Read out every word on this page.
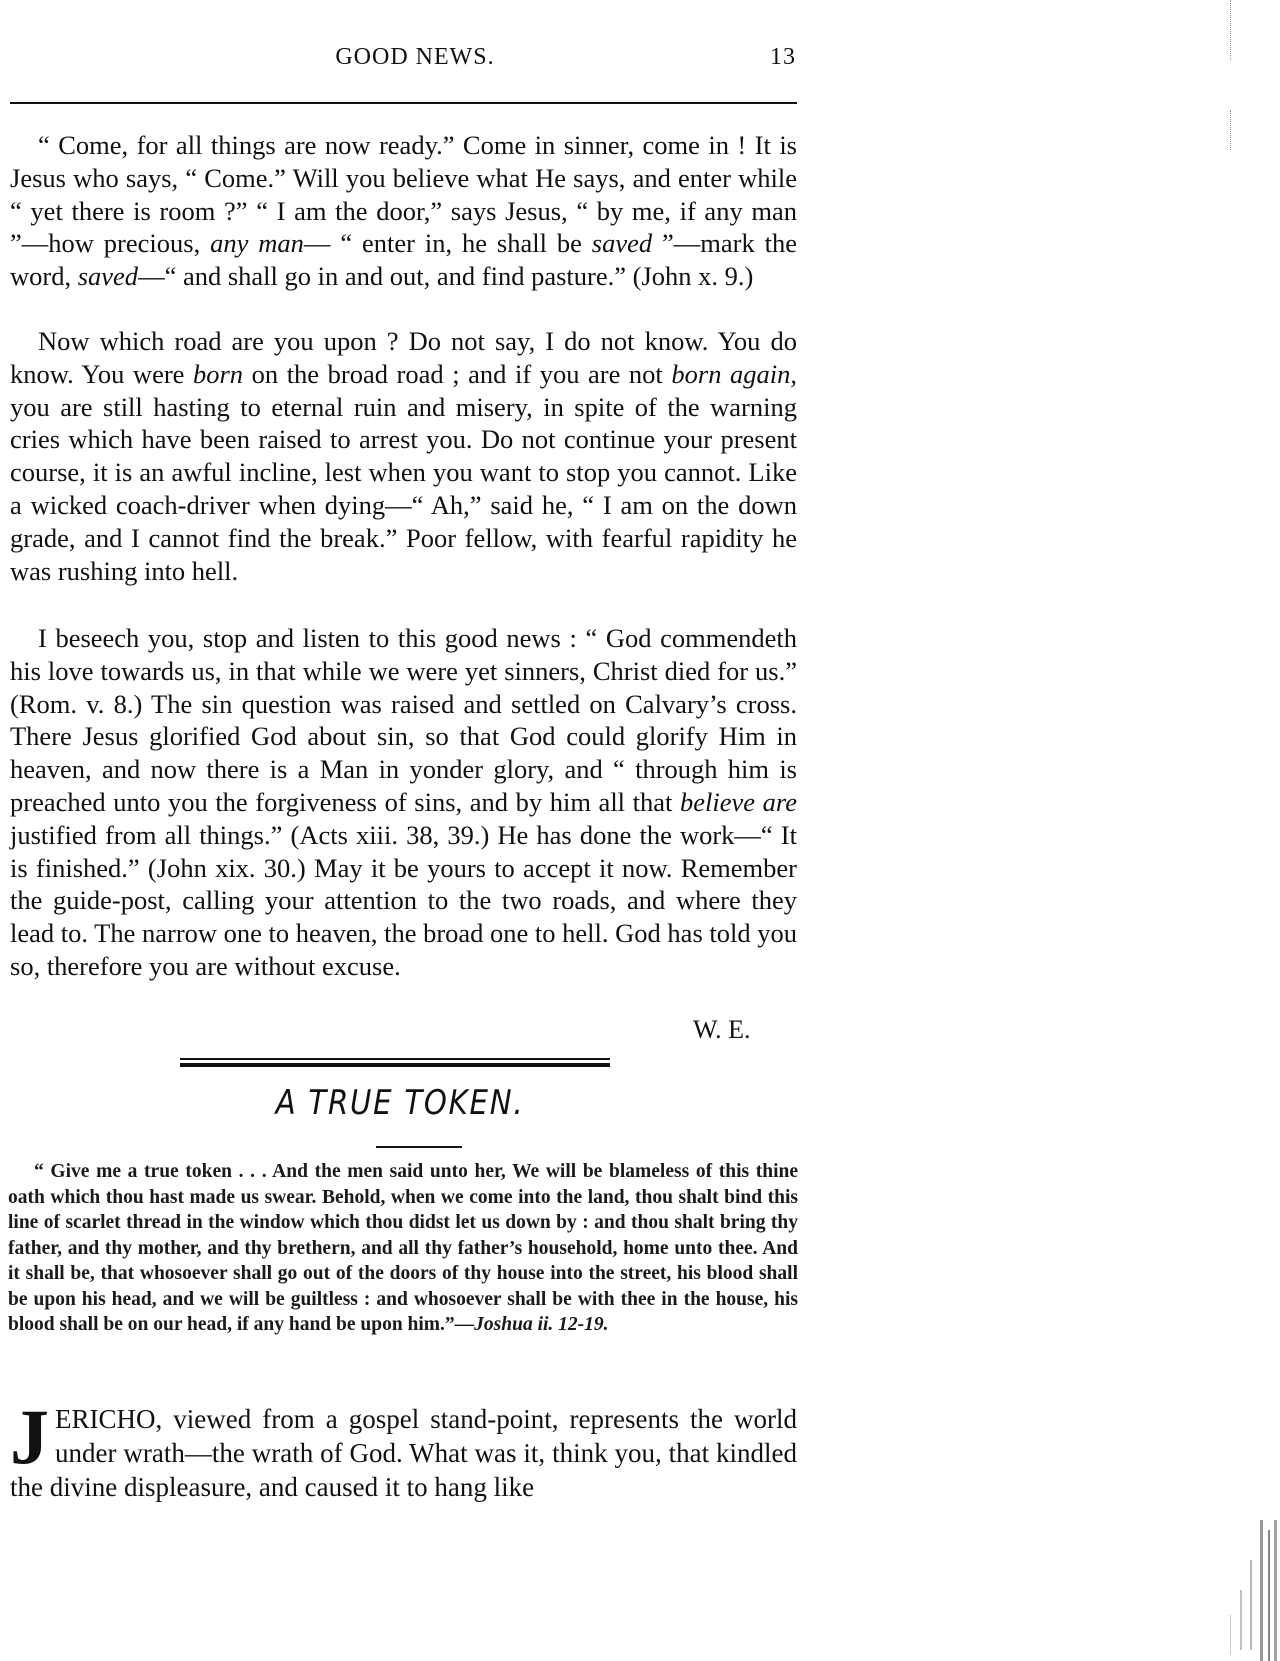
GOOD NEWS.	13

“ Come, for all things are now ready.” Come in sinner, come in ! It is Jesus who says, “ Come.” Will you believe what He says, and enter while “ yet there is room ?” “ I am the door,” says Jesus, “ by me, if any man ”—how precious, any man— “ enter in, he shall be saved ”—mark the word, saved—“ and shall go in and out, and find pasture.” (John x. 9.)

Now which road are you upon ? Do not say, I do not know. You do know. You were born on the broad road ; and if you are not born again, you are still hasting to eternal ruin and misery, in spite of the warning cries which have been raised to arrest you. Do not continue your present course, it is an awful incline, lest when you want to stop you cannot. Like a wicked coach-driver when dying—“ Ah,” said he, “ I am on the down grade, and I cannot find the break.” Poor fellow, with fearful rapidity he was rushing into hell.

I beseech you, stop and listen to this good news : “ God commendeth his love towards us, in that while we were yet sinners, Christ died for us.” (Rom. v. 8.) The sin question was raised and settled on Calvary’s cross. There Jesus glorified God about sin, so that God could glorify Him in heaven, and now there is a Man in yonder glory, and “ through him is preached unto you the forgiveness of sins, and by him all that believe are justified from all things.” (Acts xiii. 38, 39.) He has done the work—“ It is finished.” (John xix. 30.) May it be yours to accept it now. Remember the guide-post, calling your attention to the two roads, and where they lead to. The narrow one to heaven, the broad one to hell. God has told you so, therefore you are without excuse.

W. E.
A TRUE TOKEN.

“ Give me a true token . . . And the men said unto her, We will be blameless of this thine oath which thou hast made us swear. Behold, when we come into the land, thou shalt bind this line of scarlet thread in the window which thou didst let us down by : and thou shalt bring thy father, and thy mother, and thy brethern, and all thy father’s household, home unto thee. And it shall be, that whosoever shall go out of the doors of thy house into the street, his blood shall be upon his head, and we will be guiltless : and whosoever shall be with thee in the house, his blood shall be on our head, if any hand be upon him.”—Joshua ii. 12-19.

J ERICHO, viewed from a gospel stand-point, represents the world under wrath—the wrath of God. What was it, think you, that kindled the divine displeasure, and caused it to hang like
